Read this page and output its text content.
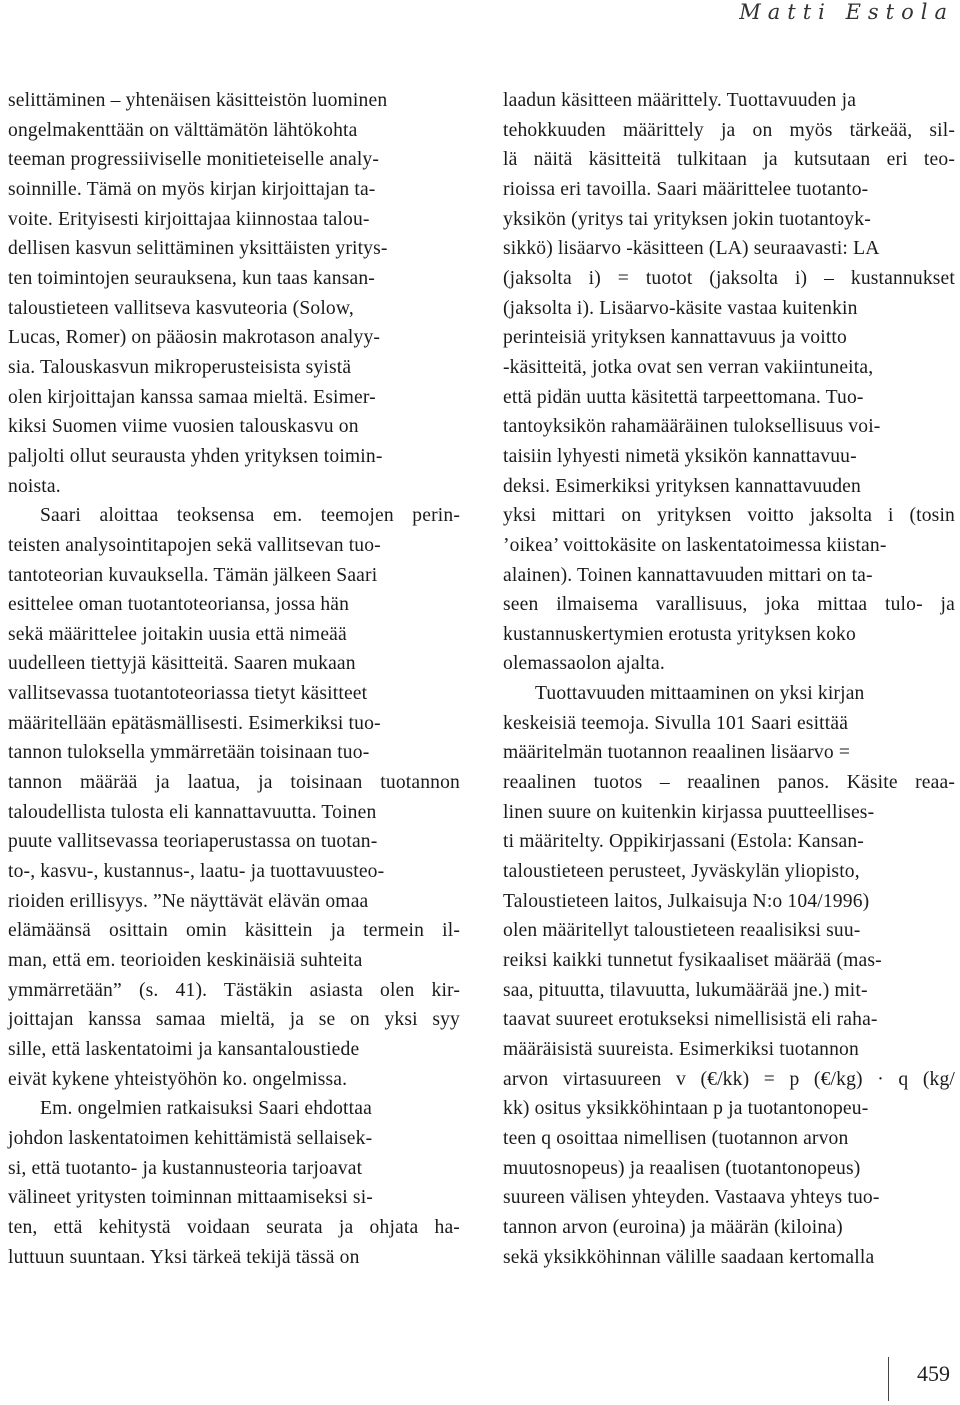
Matti Estola
selittäminen – yhtenäisen käsitteistön luominen
ongelmakenttään on välttämätön lähtökohta
teeman progressiiviselle monitieteiselle analy-
soinnille. Tämä on myös kirjan kirjoittajan ta-
voite. Erityisesti kirjoittajaa kiinnostaa talou-
dellisen kasvun selittäminen yksittäisten yritys-
ten toimintojen seurauksena, kun taas kansan-
taloustieteen vallitseva kasvuteoria (Solow,
Lucas, Romer) on pääosin makrotason analyy-
sia. Talouskasvun mikroperusteisista syistä
olen kirjoittajan kanssa samaa mieltä. Esimer-
kiksi Suomen viime vuosien talouskasvu on
paljolti ollut seurausta yhden yrityksen toimin-
noista.
Saari aloittaa teoksensa em. teemojen perin-
teisten analysointitapojen sekä vallitsevan tuo-
tantoteorian kuvauksella. Tämän jälkeen Saari
esittelee oman tuotantoteoriansa, jossa hän
sekä määrittelee joitakin uusia että nimeää
uudelleen tiettyjä käsitteitä. Saaren mukaan
vallitsevassa tuotantoteoriassa tietyt käsitteet
määritellään epätäsmällisesti. Esimerkiksi tuo-
tannon tuloksella ymmärretään toisinaan tuo-
tannon määrää ja laatua, ja toisinaan tuotannon
taloudellista tulosta eli kannattavuutta. Toinen
puute vallitsevassa teoriaperustassa on tuotan-
to-, kasvu-, kustannus-, laatu- ja tuottavuusteo-
rioiden erillisyys. ”Ne näyttävät elävän omaa
elämäänsä osittain omin käsittein ja termein il-
man, että em. teorioiden keskinäisiä suhteita
ymmärretään” (s. 41). Tästäkin asiasta olen kir-
joittajan kanssa samaa mieltä, ja se on yksi syy
sille, että laskentatoimi ja kansantaloustiede
eivät kykene yhteistyöhön ko. ongelmissa.
Em. ongelmien ratkaisuksi Saari ehdottaa
johdon laskentatoimen kehittämistä sellaisek-
si, että tuotanto- ja kustannusteoria tarjoavat
välineet yritysten toiminnan mittaamiseksi si-
ten, että kehitystä voidaan seurata ja ohjata ha-
luttuun suuntaan. Yksi tärkeä tekijä tässä on
laadun käsitteen määrittely. Tuottavuuden ja
tehokkuuden määrittely ja on myös tärkeää, sil-
lä näitä käsitteitä tulkitaan ja kutsutaan eri teo-
rioissa eri tavoilla. Saari määrittelee tuotanto-
yksikön (yritys tai yrityksen jokin tuotantoyk-
sikkö) lisäarvo -käsitteen (LA) seuraavasti: LA
(jaksolta i) = tuotot (jaksolta i) – kustannukset
(jaksolta i). Lisäarvo-käsite vastaa kuitenkin
perinteisiä yrityksen kannattavuus ja voitto
-käsitteitä, jotka ovat sen verran vakiintuneita,
että pidän uutta käsitettä tarpeettomana. Tuo-
tantoyksikön rahamääräinen tuloksellisuus voi-
taisiin lyhyesti nimetä yksikön kannattavuu-
deksi. Esimerkiksi yrityksen kannattavuuden
yksi mittari on yrityksen voitto jaksolta i (tosin
’oikea’ voittokäsite on laskentatoimessa kiistan-
alainen). Toinen kannattavuuden mittari on ta-
seen ilmaisema varallisuus, joka mittaa tulo- ja
kustannuskertymien erotusta yrityksen koko
olemassaolon ajalta.
Tuottavuuden mittaaminen on yksi kirjan
keskeisiä teemoja. Sivulla 101 Saari esittää
määritelmän tuotannon reaalinen lisäarvo =
reaalinen tuotos – reaalinen panos. Käsite reaa-
linen suure on kuitenkin kirjassa puutteellises-
ti määritelty. Oppikirjassani (Estola: Kansan-
taloustieteen perusteet, Jyväskylän yliopisto,
Taloustieteen laitos, Julkaisuja N:o 104/1996)
olen määritellyt taloustieteen reaalisiksi suu-
reiksi kaikki tunnetut fysikaaliset määrää (mas-
saa, pituutta, tilavuutta, lukumäärää jne.) mit-
taavat suureet erotukseksi nimellisistä eli raha-
määräisistä suureista. Esimerkiksi tuotannon
arvon virtasuureen v (€/kk) = p (€/kg) · q (kg/
kk) ositus yksikköhintaan p ja tuotantonopeu-
teen q osoittaa nimellisen (tuotannon arvon
muutosnopeus) ja reaalisen (tuotantonopeus)
suureen välisen yhteyden. Vastaava yhteys tuo-
tannon arvon (euroina) ja määrän (kiloina)
sekä yksikköhinnan välille saadaan kertomalla
459
